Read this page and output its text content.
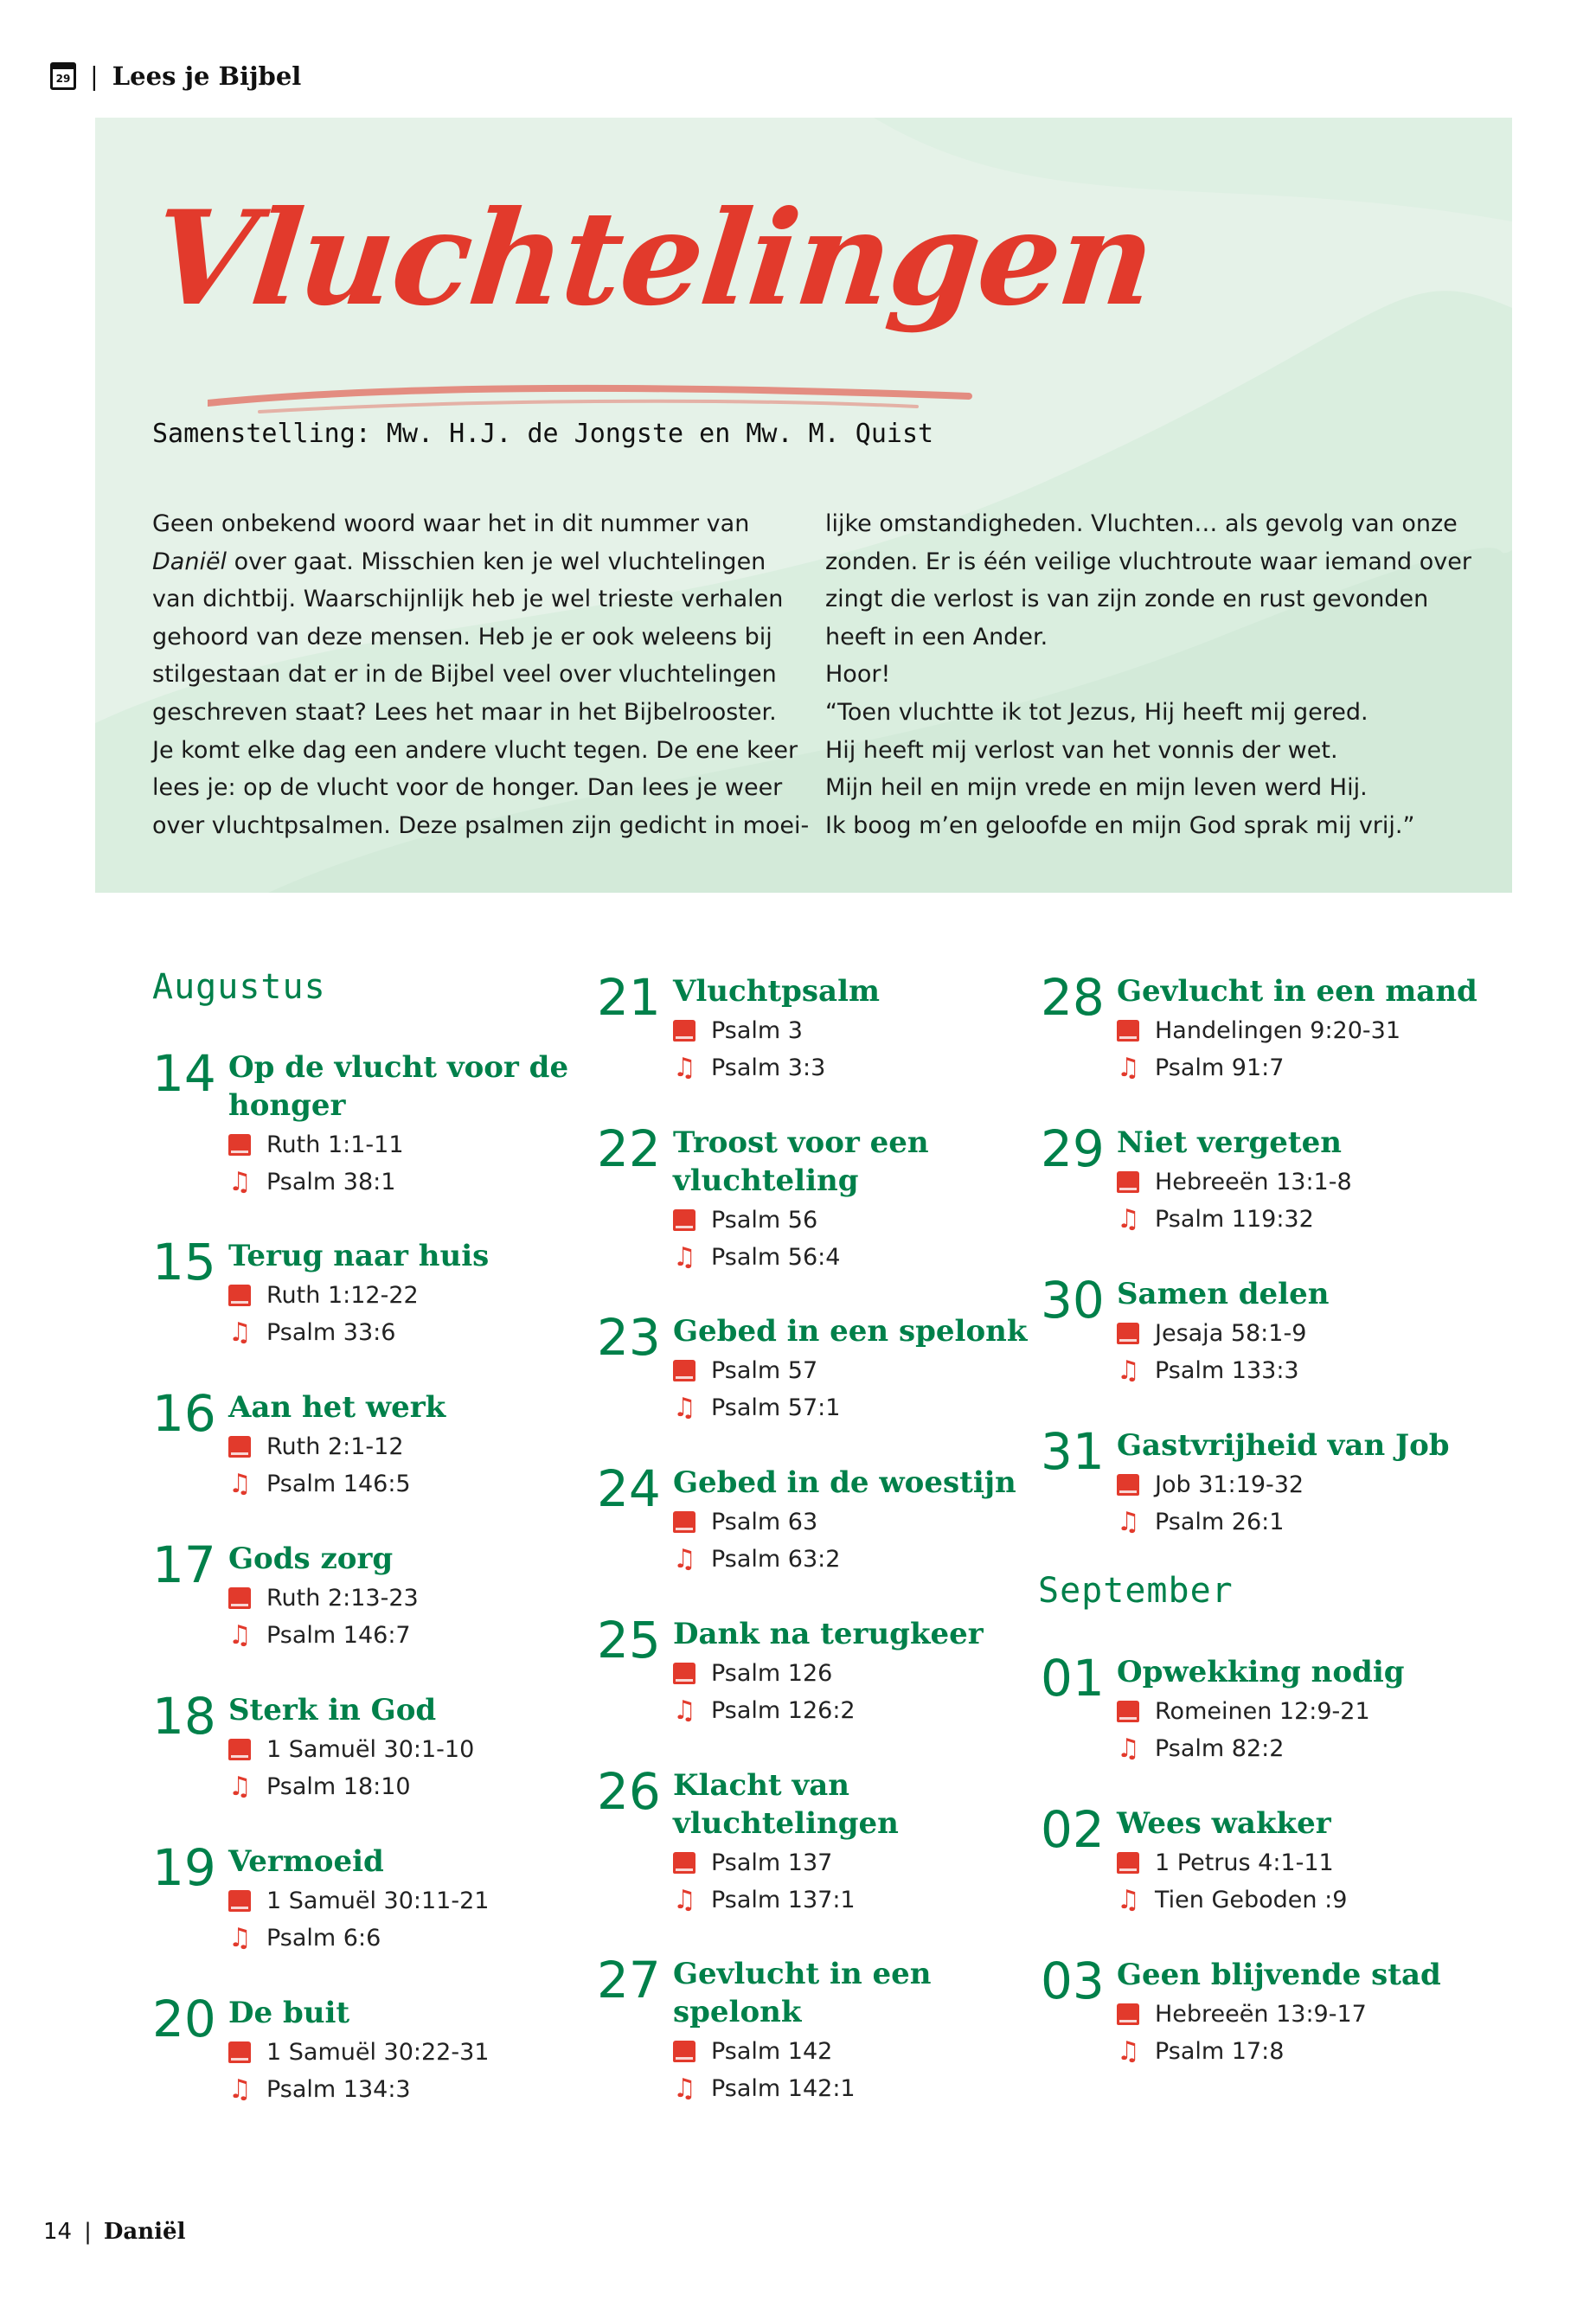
29 | Lees je Bijbel
Vluchtelingen

Samenstelling: Mw. H.J. de Jongste en Mw. M. Quist

Geen onbekend woord waar het in dit nummer van

Daniël over gaat. Misschien ken je wel vluchtelingen

van dichtbij. Waarschijnlijk heb je wel trieste verhalen

gehoord van deze mensen. Heb je er ook weleens bij

stilgestaan dat er in de Bijbel veel over vluchtelingen

geschreven staat? Lees het maar in het Bijbelrooster.

Je komt elke dag een andere vlucht tegen. De ene keer

lees je: op de vlucht voor de honger. Dan lees je weer

over vluchtpsalmen. Deze psalmen zijn gedicht in moei-

lijke omstandigheden. Vluchten… als gevolg van onze

zonden. Er is één veilige vluchtroute waar iemand over

zingt die verlost is van zijn zonde en rust gevonden

heeft in een Ander.

Hoor!

“Toen vluchtte ik tot Jezus, Hij heeft mij gered.

Hij heeft mij verlost van het vonnis der wet.

Mijn heil en mijn vrede en mijn leven werd Hij.

Ik boog m’en geloofde en mijn God sprak mij vrij.”

Augustus
September
14 Op de vlucht voor de
honger
Ruth 1:1-11
♫ Psalm 38:1
15 Terug naar huis
Ruth 1:12-22
♫ Psalm 33:6
16 Aan het werk
Ruth 2:1-12
♫ Psalm 146:5
17 Gods zorg
Ruth 2:13-23
♫ Psalm 146:7
18 Sterk in God
1 Samuël 30:1-10
♫ Psalm 18:10
19 Vermoeid
1 Samuël 30:11-21
♫ Psalm 6:6
20 De buit
1 Samuël 30:22-31
♫ Psalm 134:3
21 Vluchtpsalm
Psalm 3
♫ Psalm 3:3
22 Troost voor een
vluchteling
Psalm 56
♫ Psalm 56:4
23 Gebed in een spelonk
Psalm 57
♫ Psalm 57:1
24 Gebed in de woestijn
Psalm 63
♫ Psalm 63:2
25 Dank na terugkeer
Psalm 126
♫ Psalm 126:2
26 Klacht van
vluchtelingen
Psalm 137
♫ Psalm 137:1
27 Gevlucht in een
spelonk
Psalm 142
♫ Psalm 142:1
28 Gevlucht in een mand
Handelingen 9:20-31
♫ Psalm 91:7
29 Niet vergeten
Hebreeën 13:1-8
♫ Psalm 119:32
30 Samen delen
Jesaja 58:1-9
♫ Psalm 133:3
31 Gastvrijheid van Job
Job 31:19-32
♫ Psalm 26:1
01 Opwekking nodig
Romeinen 12:9-21
♫ Psalm 82:2
02 Wees wakker
1 Petrus 4:1-11
♫ Tien Geboden :9
03 Geen blijvende stad
Hebreeën 13:9-17
♫ Psalm 17:8
14 | Daniël
